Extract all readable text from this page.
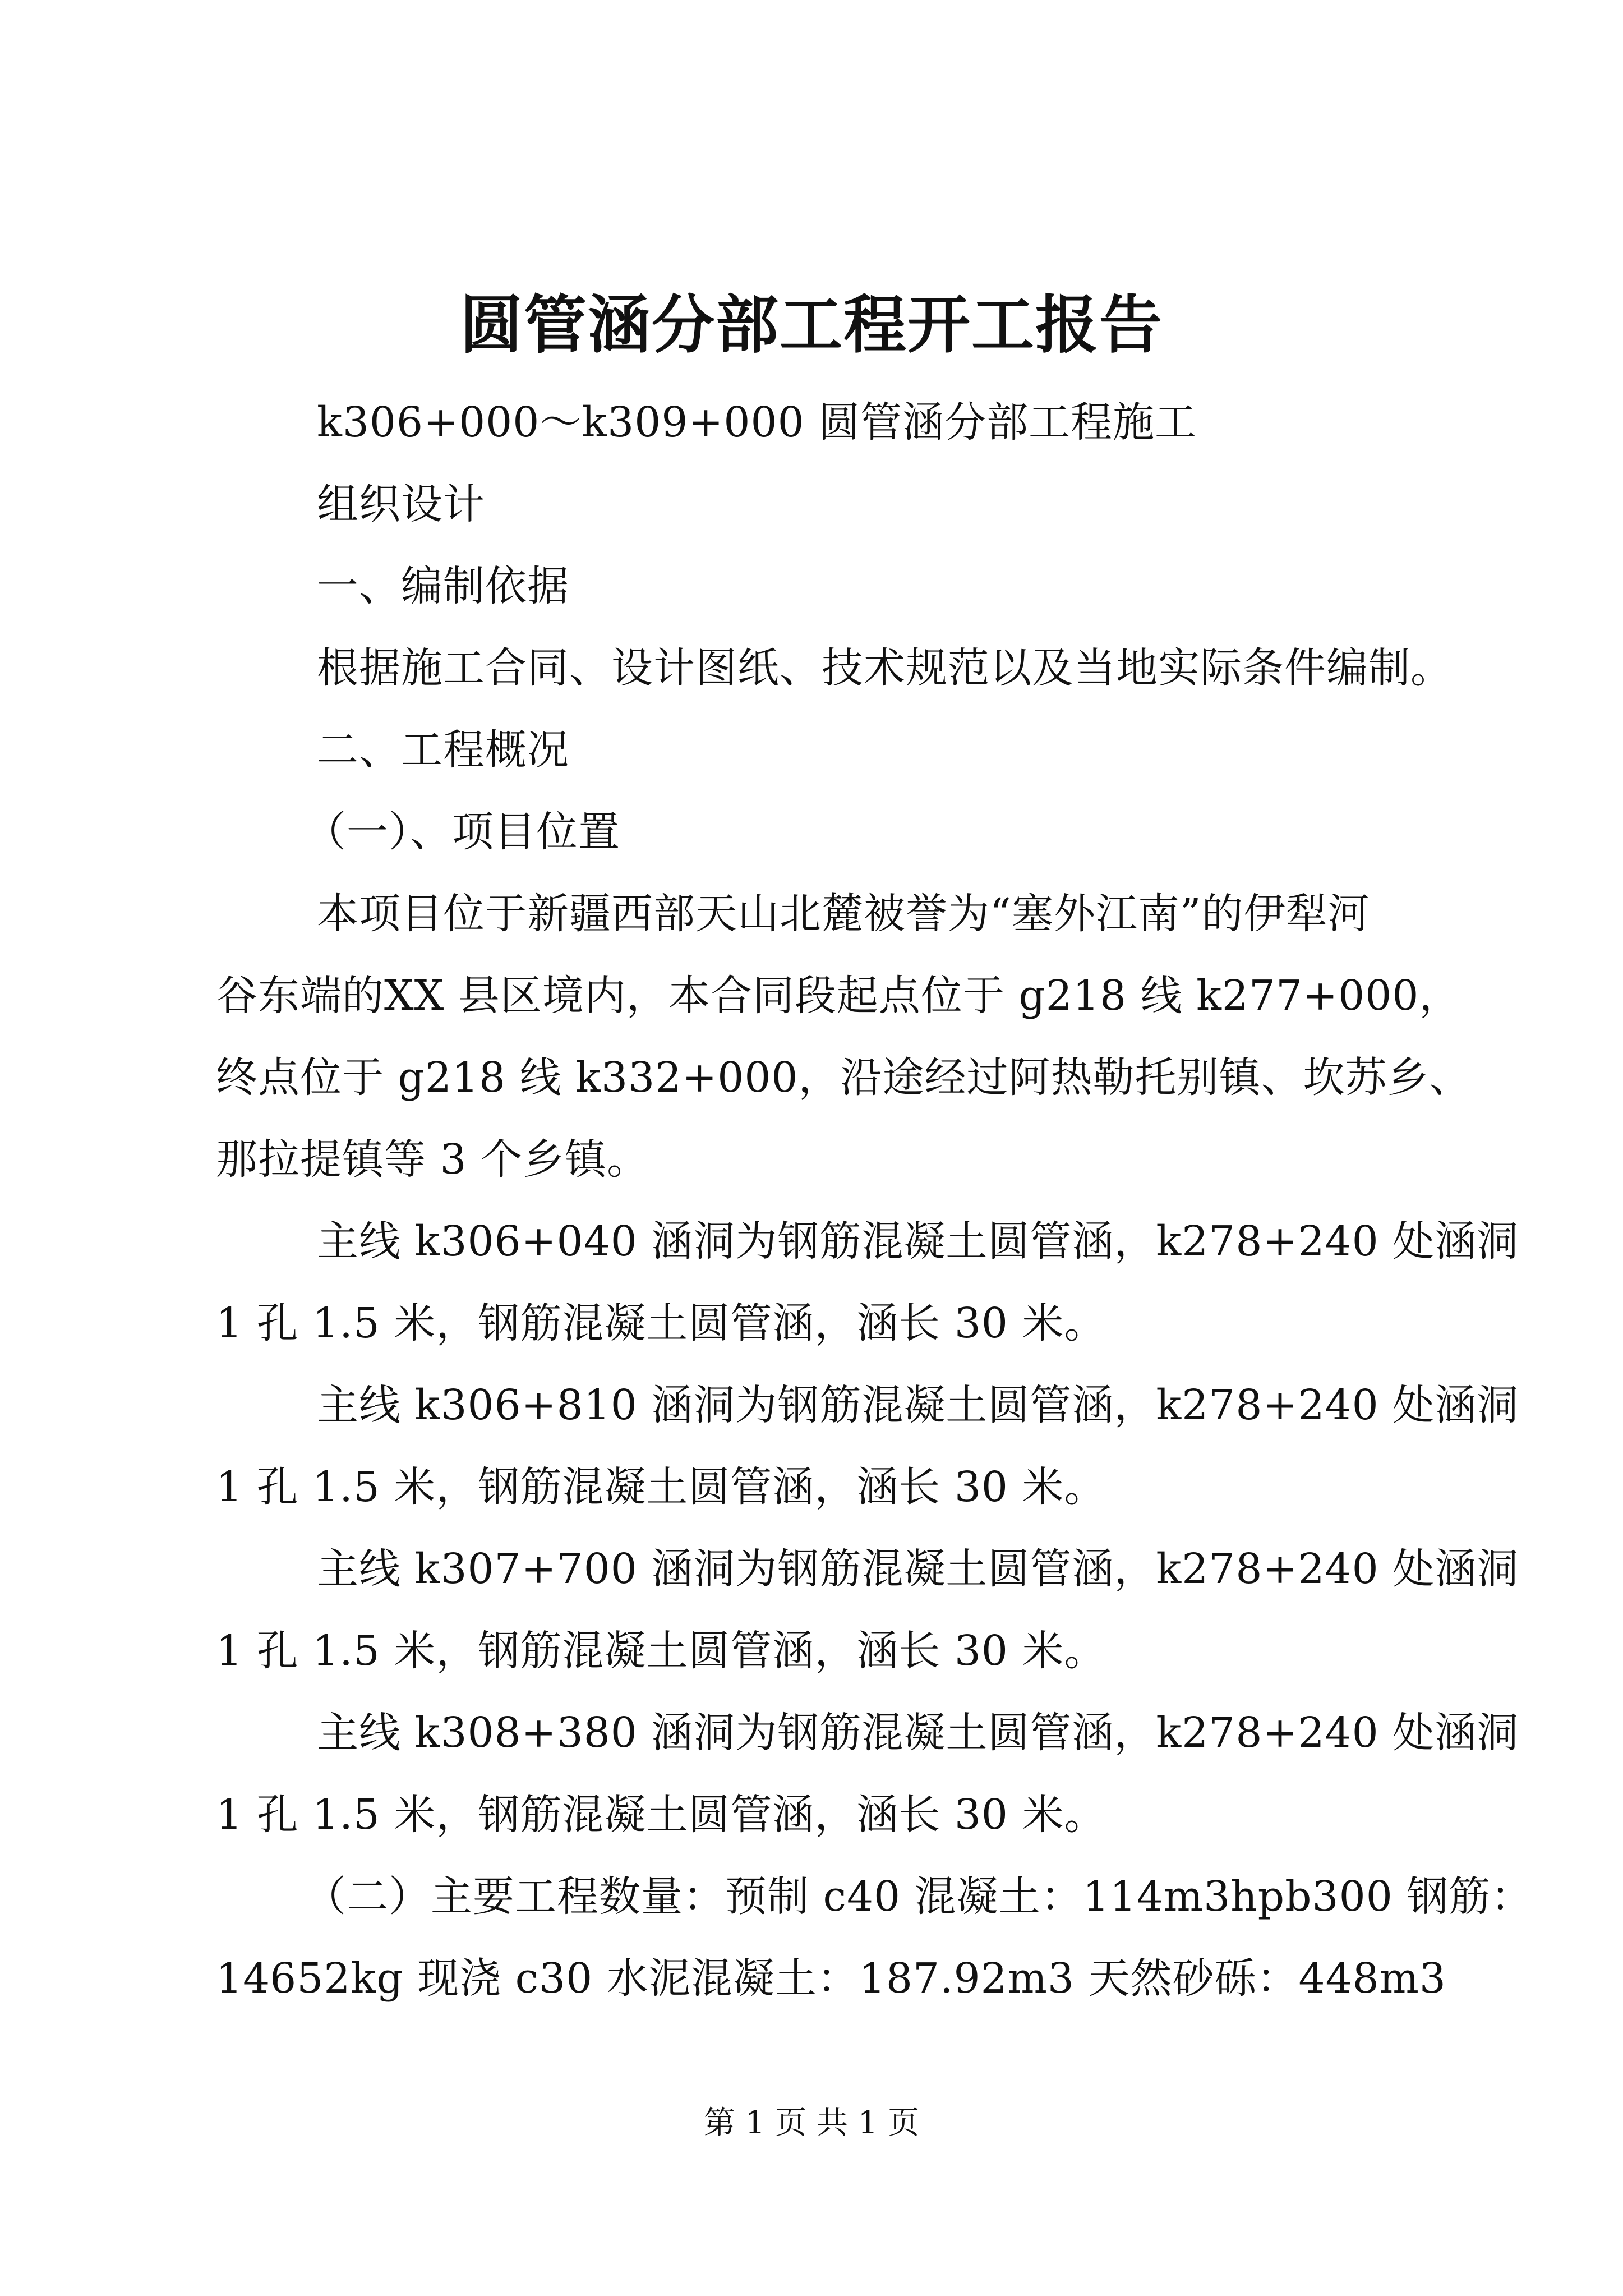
圆管涵分部工程开工报告
k306+000～k309+000 圆管涵分部工程施工
组织设计
一、编制依据
根据施工合同、设计图纸、技术规范以及当地实际条件编制。
二、工程概况
（一）、项目位置
本项目位于新疆西部天山北麓被誉为“塞外江南”的伊犁河
谷东端的XX 县区境内，本合同段起点位于 g218 线 k277+000，
终点位于 g218 线 k332+000，沿途经过阿热勒托别镇、坎苏乡、
那拉提镇等 3 个乡镇。
主线 k306+040 涵洞为钢筋混凝土圆管涵，k278+240 处涵洞
1 孔 1.5 米，钢筋混凝土圆管涵，涵长 30 米。
主线 k306+810 涵洞为钢筋混凝土圆管涵，k278+240 处涵洞
1 孔 1.5 米，钢筋混凝土圆管涵，涵长 30 米。
主线 k307+700 涵洞为钢筋混凝土圆管涵，k278+240 处涵洞
1 孔 1.5 米，钢筋混凝土圆管涵，涵长 30 米。
主线 k308+380 涵洞为钢筋混凝土圆管涵，k278+240 处涵洞
1 孔 1.5 米，钢筋混凝土圆管涵，涵长 30 米。
（二）主要工程数量：预制 c40 混凝土：114m3hpb300 钢筋：
14652kg 现浇 c30 水泥混凝土：187.92m3 天然砂砾：448m3
第 1 页 共 1 页
